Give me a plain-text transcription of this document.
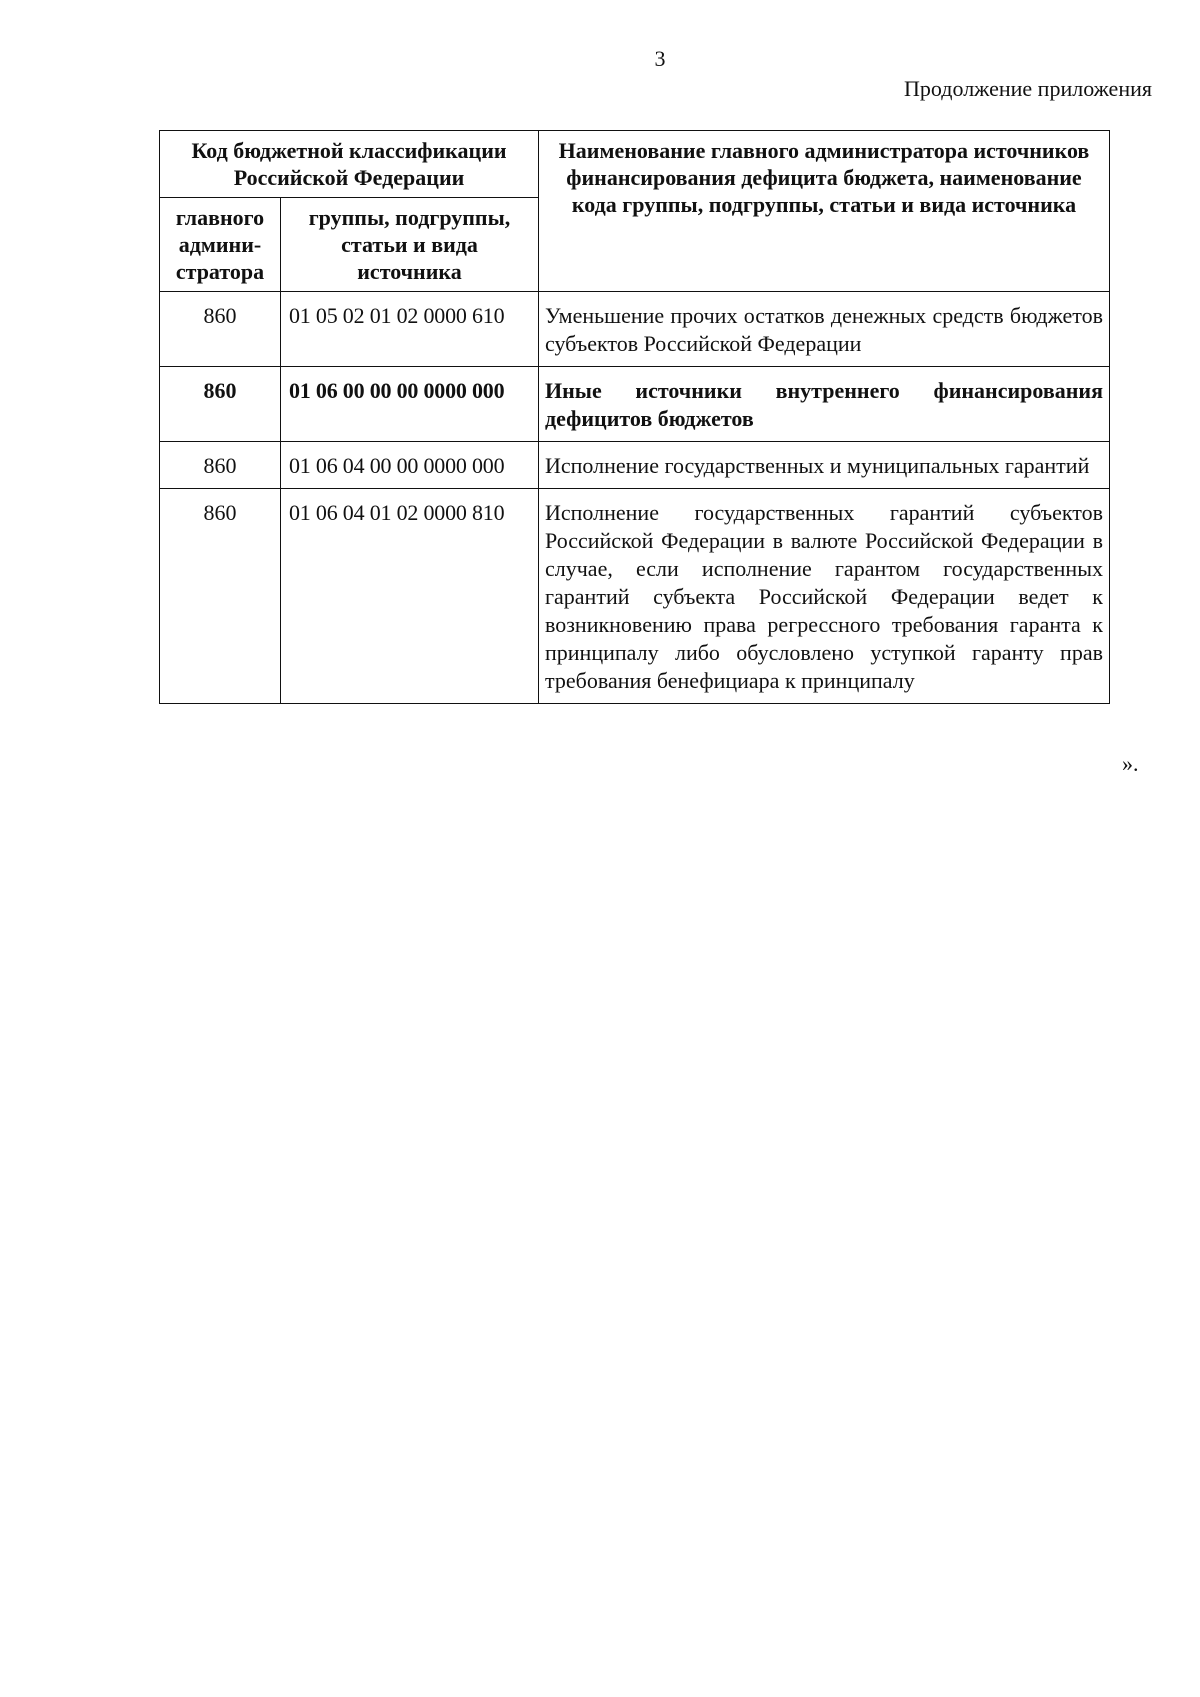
3
Продолжение приложения
Код бюджетной классификации Российской Федерации		Наименование главного администратора источников финансирования дефицита бюджета, наименование кода группы, подгруппы, статьи и вида источника
главного админи-стратора	группы, подгруппы, статьи и вида источника	
860	01 05 02 01 02 0000 610	Уменьшение прочих остатков денежных средств бюджетов субъектов Российской Федерации
860	01 06 00 00 00 0000 000	Иные источники внутреннего финансирования дефицитов бюджетов
860	01 06 04 00 00 0000 000	Исполнение государственных и муниципальных гарантий
860	01 06 04 01 02 0000 810	Исполнение государственных гарантий субъектов Российской Федерации в валюте Российской Федерации в случае, если исполнение гарантом государственных гарантий субъекта Российской Федерации ведет к возникновению права регрессного требования гаранта к принципалу либо обусловлено уступкой гаранту прав требования бенефициара к принципалу
».
